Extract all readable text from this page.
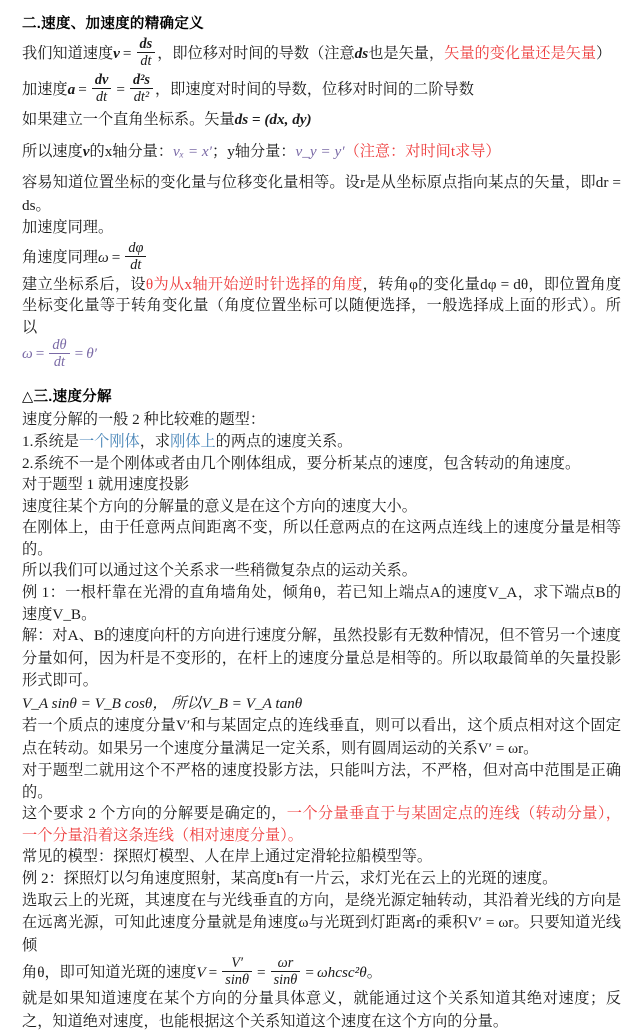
二.速度、加速度的精确定义
我们知道速度$v = \frac{ds}{dt}$ ，即位移对时间的导数（注意ds也是矢量，矢量的变化量还是矢量）
加速度$a = \frac{dv}{dt}$
  =  $\frac{\text{d²s}}{\text{dt²}}$ ，即速度对时间的导数，位移对时间的二阶导数

如果建立一个直角坐标系。矢量ds = (dx, dy)

所以速度v的x轴分量：vₓ = x′；y轴分量：v_y = y′（注意：对时间t求导）

容易知道位置坐标的变化量与位移变化量相等。设r是从坐标原点指向某点的矢量，即dr = ds。

加速度同理。

角速度同理$\omega = \frac{d\varphi}{dt}$

建立坐标系后，设θ为从x轴开始逆时针选择的角度，转角φ的变化量dφ = dθ，即位置角度坐标变化量等于转角变化量（角度位置坐标可以随便选择，一般选择成上面的形式）。所以

$\omega = \frac{d\theta}{dt}$
  =  θ′
△三.速度分解

速度分解的一般 2 种比较难的题型：

1.系统是一个刚体，求刚体上的两点的速度关系。

2.系统不一是个刚体或者由几个刚体组成，要分析某点的速度，包含转动的角速度。

对于题型 1 就用速度投影

速度往某个方向的分解量的意义是在这个方向的速度大小。

在刚体上，由于任意两点间距离不变，所以任意两点的在这两点连线上的速度分量是相等的。

所以我们可以通过这个关系求一些稍微复杂点的运动关系。

例 1：一根杆靠在光滑的直角墙角处，倾角θ，若已知上端点A的速度V_A，求下端点B的速度V_B。

解：对A、B的速度向杆的方向进行速度分解，虽然投影有无数种情况，但不管另一个速度分量如何，因为杆是不变形的，在杆上的速度分量总是相等的。所以取最简单的矢量投影形式即可。

V_A sinθ = V_B cosθ， 所以V_B = V_A tanθ

若一个质点的速度分量V′和与某固定点的连线垂直，则可以看出，这个质点相对这个固定点在转动。如果另一个速度分量满足一定关系，则有圆周运动的关系V′ = ωr。

对于题型二就用这个不严格的速度投影方法，只能叫方法，不严格，但对高中范围是正确的。

这个要求 2 个方向的分解要是确定的，一个分量垂直于与某固定点的连线（转动分量），一个分量沿着这条连线（相对速度分量）。

常见的模型：探照灯模型、人在岸上通过定滑轮拉船模型等。

例 2：探照灯以匀角速度照射，某高度h有一片云，求灯光在云上的光斑的速度。

选取云上的光斑，其速度在与光线垂直的方向，是绕光源定轴转动，其沿着光线的方向是在远离光源，可知此速度分量就是角速度ω与光斑到灯距离r的乘积V′ = ωr。只要知道光线倾

角θ，即可知道光斑的速度$V = \frac{V'}{\sin\theta}$
  =  $\frac{\omega r}{\sin\theta}$
  =  ωhcsc²θ。

就是如果知道速度在某个方向的分量具体意义，就能通过这个关系知道其绝对速度；反之，知道绝对速度，也能根据这个关系知道这个速度在这个方向的分量。
